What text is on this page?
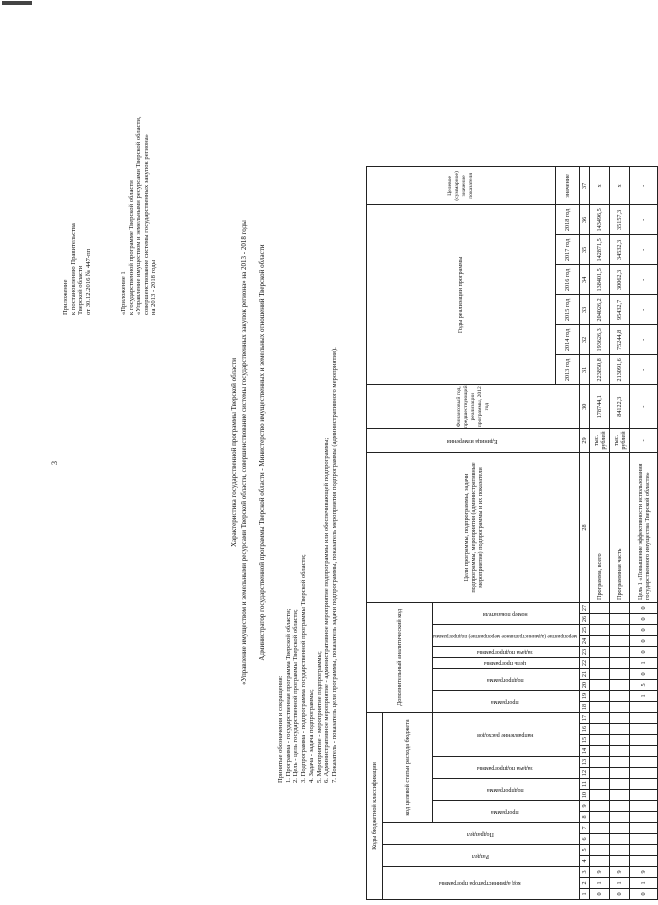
3
Приложение к постановлению Правительства Тверской области от 30.12.2016 № 447-пп	«Приложение 1 к государственной программе Тверской области «Управление имуществом и земельными ресурсами Тверской области, совершенствование системы государственных закупок региона» на 2013 - 2018 годы
Характеристика государственной программы Тверской области «Управление имуществом и земельными ресурсами Тверской области, совершенствование системы государственных закупок региона» на 2013 - 2018 годы Администратор государственной программы Тверской области - Министерство имущественных и земельных отношений Тверской области
Принятые обозначения и сокращения: 1. Программа - государственная программа Тверской области; 2. Цель - цель государственной программы Тверской области; 3. Подпрограмма - подпрограмма государственной программы Тверской области; 4. Задача - задача подпрограммы; 5. Мероприятие - мероприятие подпрограммы; 6. Административное мероприятие - административное мероприятие подпрограммы или обеспечивающей подпрограммы; 7. Показатель - показатель цели программы, показатель задачи подпрограммы, показатель мероприятия подпрограммы (административного мероприятия).
Коды бюджетной классификации																	Дополнительный аналитический код										Цели программы, подпрограммы, задачи подпрограммы, мероприятия (административные мероприятия) подпрограммы и их показатели	Единица измерения	Финансовый год, предшествующий реализации программы, 2012 год	Годы реализации программы						Целевое (суммарное) значение показателя

код администратора программы			Раздел		Подраздел		код целевой статьи расхода бюджета																													
							программа		подпрограмма		задача подпрограммы		направление расходов				программа		подпрограмма		цель программы	задача подпрограммы	мероприятие (административное мероприятие) подпрограммы		номер показателя											
																														2013 год	2014 год	2015 год	2016 год	2017 год	2018 год	значение
1	2	3	4	5	6	7	8	9	10	11	12	13	14	15	16	17	18	19	20	21	22	23	24	25	26	27	28	29	30	31	32	33	34	35	36	37
0	1	9																									Программа, всего	тыс. рублей	178744,1	223850,8	193626,3	204026,2	138401,5	142871,5	143496,5	х
0	1	9																									Программная часть	тыс. рублей	84122,3	213091,6	75244,8	95432,7	30062,3	34532,3	35157,3	х
0	1	9																1	5	0	1	0	0	0	0	0	Цель 1 «Повышение эффективности использования государственного имущества Тверской области»	-	-	-	-	-	-	-	-	-
